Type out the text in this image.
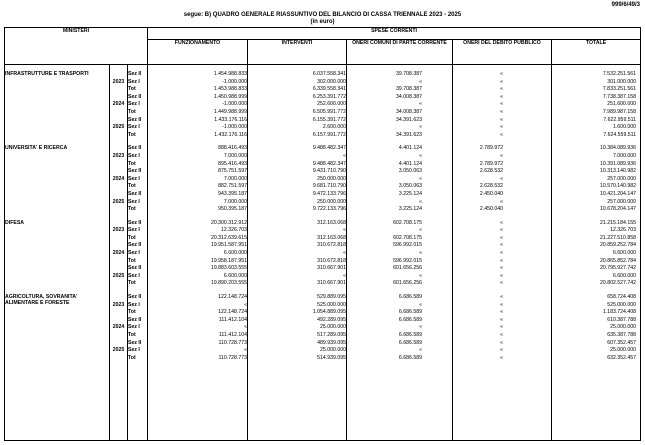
999/6/49/3
segue: B) QUADRO GENERALE RIASSUNTIVO DEL BILANCIO DI CASSA TRIENNALE 2023 - 2025
(in euro)
MINISTERI			SPESE CORRENTI				
			FUNZIONAMENTO	INTERVENTI	ONERI COMUNI DI PARTE CORRENTE	ONERI DEL DEBITO PUBBLICO	TOTALE

INFRASTRUTTURE E TRASPORTI		Sez II	1.454.988.833	6.037.558.341	39.708.387	«	7.532.251.561
	2023	Sez I	-1.000.000	302.000.000	«	«	301.000.000
		Tot	1.453.988.833	6.339.558.341	39.708.387	«	7.833.251.561
		Sez II	1.450.988.999	6.253.391.772	34.008.387	«	7.738.387.158
	2024	Sez I	-1.000.000	252.600.000	«	«	251.600.000
		Tot	1.449.988.999	6.505.991.772	34.008.387	«	7.989.987.158
		Sez II	1.433.176.116	6.155.391.772	34.391.623	«	7.622.959.511
	2025	Sez I	-1.000.000	2.600.000	«	«	1.600.000
		Tot	1.432.176.116	6.157.991.772	34.391.623	«	7.624.559.511

UNIVERSITA' E RICERCA		Sez II	888.416.493	9.488.482.347	4.401.124	2.789.972	10.384.089.936
	2023	Sez I	7.000.000	«	«	«	7.000.000
		Tot	895.416.493	9.488.482.347	4.401.124	2.789.972	10.391.089.936
		Sez II	875.751.597	9.431.710.790	3.050.063	2.628.532	10.313.140.982
	2024	Sez I	7.000.000	250.000.000	«	«	257.000.000
		Tot	882.751.597	9.681.710.790	3.050.063	2.628.532	10.570.140.982
		Sez II	943.395.187	9.472.133.796	3.225.124	2.450.040	10.421.204.147
	2025	Sez I	7.000.000	250.000.000	«	«	257.000.000
		Tot	950.395.187	9.722.133.796	3.225.124	2.450.040	10.678.204.147

DIFESA		Sez II	20.300.312.912	312.163.068	602.708.175	«	21.215.184.155
	2023	Sez I	12.326.703	«	«	«	12.326.703
		Tot	20.312.639.615	312.163.068	602.708.175	«	21.227.510.858
		Sez II	19.951.587.951	310.672.818	596.992.015	«	20.859.252.784
	2024	Sez I	6.600.000	«	«	«	6.600.000
		Tot	19.958.187.951	310.672.818	596.992.015	«	20.865.852.784
		Sez II	19.883.603.555	310.667.901	601.656.256	«	20.795.927.742
	2025	Sez I	6.600.000	«	«	«	6.600.000
		Tot	19.890.203.555	310.667.901	601.656.256	«	20.802.527.742

AGRICOLTURA, SOVRANITA' ALIMENTARE E FORESTE		Sez II	122.148.724	529.889.095	6.686.589	«	658.724.408
	2023	Sez I	«	525.000.000	«	«	525.000.000
		Tot	122.148.724	1.054.889.095	6.686.589	«	1.183.724.408
		Sez II	111.412.104	492.289.095	6.686.589	«	610.387.788
	2024	Sez I	«	25.000.000	«	«	25.000.000
		Tot	111.412.104	517.289.095	6.686.589	«	635.387.788
		Sez II	110.728.773	489.939.095	6.686.589	«	607.352.457
	2025	Sez I	«	25.000.000	«	«	25.000.000
		Tot	110.728.773	514.939.095	6.686.589	«	632.352.457
